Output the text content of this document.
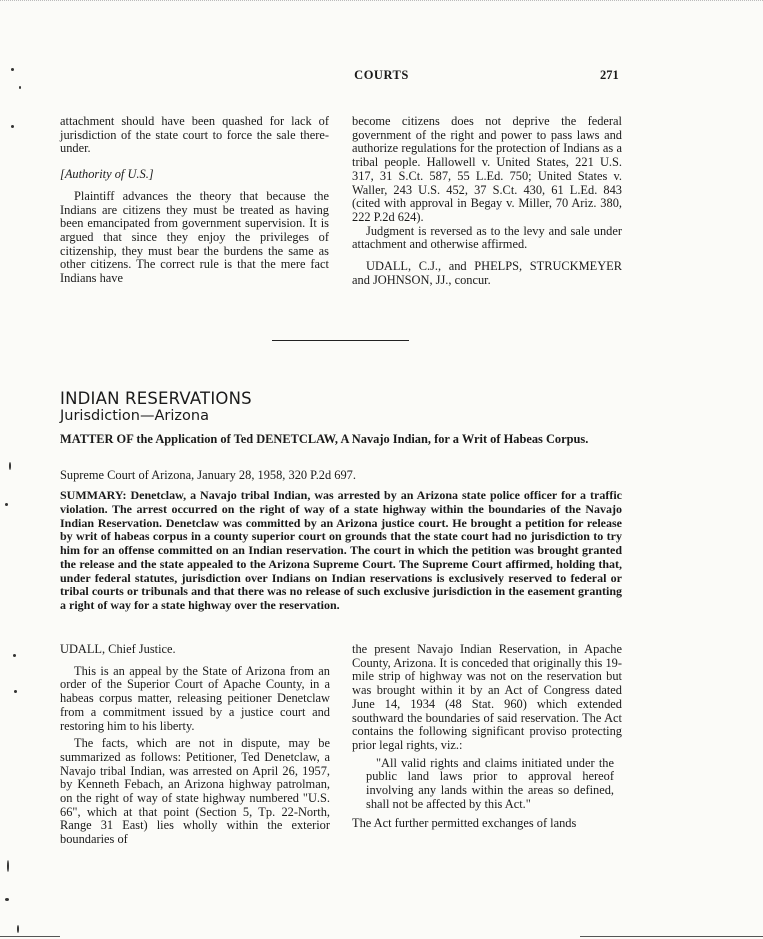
COURTS	271

attachment should have been quashed for lack of jurisdiction of the state court to force the sale there-under.

[Authority of U.S.]

Plaintiff advances the theory that because the Indians are citizens they must be treated as having been emancipated from government supervision. It is argued that since they enjoy the privileges of citizenship, they must bear the burdens the same as other citizens. The correct rule is that the mere fact Indians have

become citizens does not deprive the federal government of the right and power to pass laws and authorize regulations for the protection of Indians as a tribal people. Hallowell v. United States, 221 U.S. 317, 31 S.Ct. 587, 55 L.Ed. 750; United States v. Waller, 243 U.S. 452, 37 S.Ct. 430, 61 L.Ed. 843 (cited with approval in Begay v. Miller, 70 Ariz. 380, 222 P.2d 624).

Judgment is reversed as to the levy and sale under attachment and otherwise affirmed.

UDALL, C.J., and PHELPS, STRUCKMEYER and JOHNSON, JJ., concur.

INDIAN RESERVATIONS
Jurisdiction—Arizona
MATTER OF the Application of Ted DENETCLAW, A Navajo Indian, for a Writ of Habeas Corpus.
Supreme Court of Arizona, January 28, 1958, 320 P.2d 697.
SUMMARY: Denetclaw, a Navajo tribal Indian, was arrested by an Arizona state police officer for a traffic violation. The arrest occurred on the right of way of a state highway within the boundaries of the Navajo Indian Reservation. Denetclaw was committed by an Arizona justice court. He brought a petition for release by writ of habeas corpus in a county superior court on grounds that the state court had no jurisdiction to try him for an offense committed on an Indian reservation. The court in which the petition was brought granted the release and the state appealed to the Arizona Supreme Court. The Supreme Court affirmed, holding that, under federal statutes, jurisdiction over Indians on Indian reservations is exclusively reserved to federal or tribal courts or tribunals and that there was no release of such exclusive jurisdiction in the easement granting a right of way for a state highway over the reservation.

UDALL, Chief Justice.

This is an appeal by the State of Arizona from an order of the Superior Court of Apache County, in a habeas corpus matter, releasing peitioner Denetclaw from a commitment issued by a justice court and restoring him to his liberty.

The facts, which are not in dispute, may be summarized as follows: Petitioner, Ted Denetclaw, a Navajo tribal Indian, was arrested on April 26, 1957, by Kenneth Febach, an Arizona highway patrolman, on the right of way of state highway numbered "U.S. 66", which at that point (Section 5, Tp. 22-North, Range 31 East) lies wholly within the exterior boundaries of

the present Navajo Indian Reservation, in Apache County, Arizona. It is conceded that originally this 19-mile strip of highway was not on the reservation but was brought within it by an Act of Congress dated June 14, 1934 (48 Stat. 960) which extended southward the boundaries of said reservation. The Act contains the following significant proviso protecting prior legal rights, viz.:

"All valid rights and claims initiated under the public land laws prior to approval hereof involving any lands within the areas so defined, shall not be affected by this Act."

The Act further permitted exchanges of lands
